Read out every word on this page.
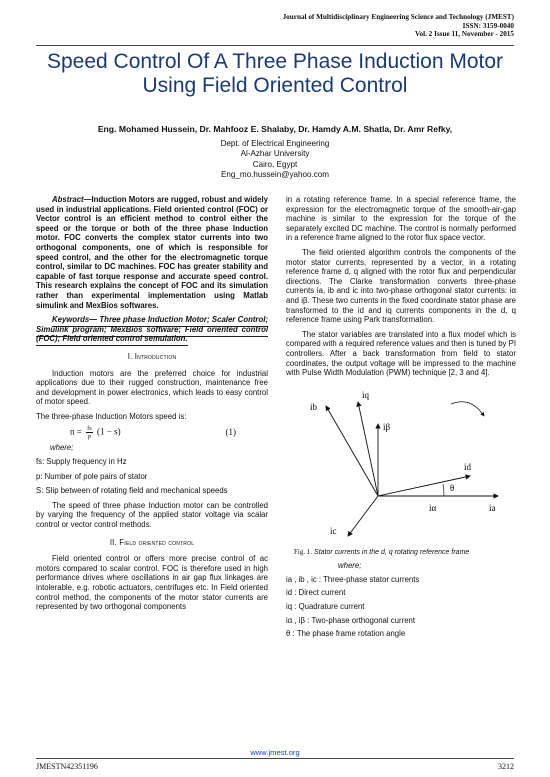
Journal of Multidisciplinary Engineering Science and Technology (JMEST)
ISSN: 3159-0040
Vol. 2 Issue 11, November - 2015
Speed Control Of A Three Phase Induction Motor Using Field Oriented Control
Eng. Mohamed Hussein, Dr. Mahfooz E. Shalaby, Dr. Hamdy A.M. Shatla, Dr. Amr Refky,
Dept. of Electrical Engineering
Al-Azhar University
Cairo, Egypt
Eng_mo.hussein@yahoo.com

Abstract—Induction Motors are rugged, robust and widely used in industrial applications. Field oriented control (FOC) or Vector control is an efficient method to control either the speed or the torque or both of the three phase Induction motor. FOC converts the complex stator currents into two orthogonal components, one of which is responsible for speed control, and the other for the electromagnetic torque control, similar to DC machines. FOC has greater stability and capable of fast torque response and accurate speed control. This research explains the concept of FOC and its simulation rather than experimental implementation using Matlab simulink and MexBios softwares.

Keywords— Three phase Induction Motor; Scaler Control; Simulink program; MexBios software; Field oriented control (FOC); Field oriented control semulation.

I. Introduction

Induction motors are the preferred choice for industrial applications due to their rugged construction, maintenance free and development in power electronics, which leads to easy control of motor speed.

The three-phase Induction Motors speed is:

$n = \frac{fs}{p} (1 - s)$	(1)

where;

fs: Supply frequency in Hz

p: Number of pole pairs of stator

S: Slip between of rotating field and mechanical speeds

The speed of three phase Induction motor can be controlled by varying the frequency of the applied stator voltage via scalar control or vector control methods.

II. Field oriented control

Field oriented control or offers more precise control of ac motors compared to scalar control. FOC is therefore used in high performance drives where oscillations in air gap flux linkages are intolerable, e.g. robotic actuators, centrifuges etc. In Field oriented control method, the components of the motor stator currents are represented by two orthogonal components

in a rotating reference frame. In a special reference frame, the expression for the electromagnetic torque of the smooth-air-gap machine is similar to the expression for the torque of the separately excited DC machine. The control is normally performed in a reference frame aligned to the rotor flux space vector.

The field oriented algorithm controls the components of the motor stator currents, represented by a vector, in a rotating reference frame d, q aligned with the rotor flux and perpendicular directions. The Clarke transformation converts three-phase currents ia, ib and ic into two-phase orthogonal stator currents: iα and iβ. These two currents in the fixed coordinate stator phase are transformed to the id and iq currents components in the d, q reference frame using Park transformation.

The stator variables are translated into a flux model which is compared with a required reference values and then is tuned by PI controllers. After a back transformation from field to stator coordinates, the output voltage will be impressed to the machine with Pulse Width Modulation (PWM) technique [2, 3 and 4].

ib
iq
iβ
id
θ
iα	ia
ic
Fig. 1. Stator currents in the d, q rotating reference frame

where;

ia , ib , ic : Three-phase stator currents

id : Direct current

iq : Quadrature current

iα , iβ : Two-phase orthogonal current

θ : The phase frame rotation angle

www.jmest.org
JMESTN42351196	3212
